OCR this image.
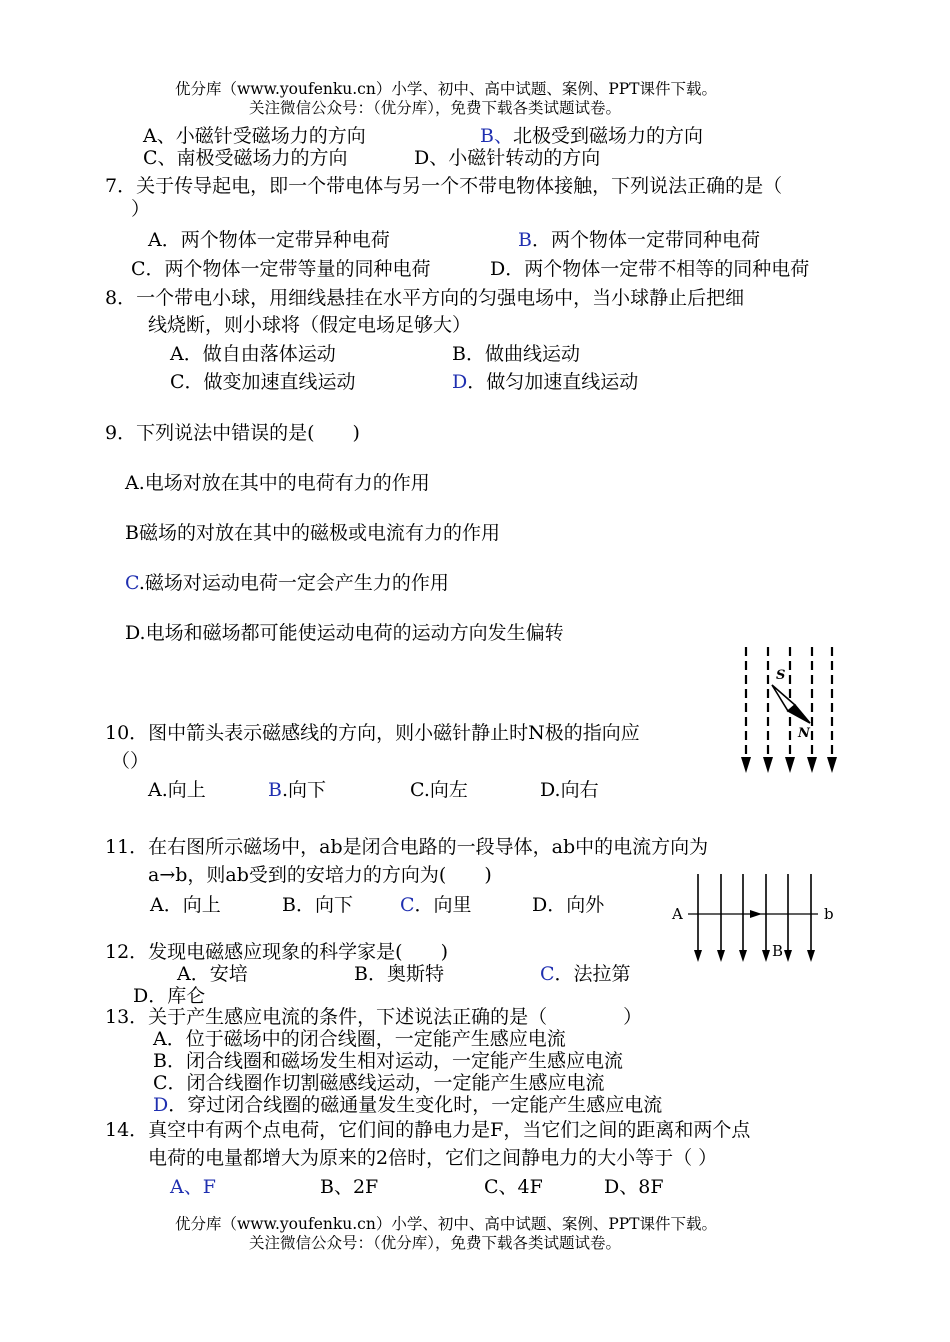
优分库（www.youfenku.cn）小学、初中、高中试题、案例、PPT课件下载。
关注微信公众号：（优分库），免费下载各类试题试卷。
A、小磁针受磁场力的方向	B、北极受到磁场力的方向
C、南极受磁场力的方向	D、小磁针转动的方向
7．关于传导起电，即一个带电体与另一个不带电物体接触，下列说法正确的是（
）
A．两个物体一定带异种电荷	B．两个物体一定带同种电荷
C．两个物体一定带等量的同种电荷	D．两个物体一定带不相等的同种电荷
8．一个带电小球，用细线悬挂在水平方向的匀强电场中，当小球静止后把细
线烧断，则小球将（假定电场足够大）
A．做自由落体运动	B．做曲线运动
C．做变加速直线运动	D．做匀加速直线运动
9．下列说法中错误的是(　　)
A.电场对放在其中的电荷有力的作用
B磁场的对放在其中的磁极或电流有力的作用
C.磁场对运动电荷一定会产生力的作用
D.电场和磁场都可能使运动电荷的运动方向发生偏转
S
N
10．图中箭头表示磁感线的方向，则小磁针静止时N极的指向应
（）
A.向上	B.向下	C.向左	D.向右
11．在右图所示磁场中，ab是闭合电路的一段导体，ab中的电流方向为
a→b，则ab受到的安培力的方向为(　　)
A．向上	B．向下 C．向里	D．向外	A	b
B
12．发现电磁感应现象的科学家是(　　)
A．安培	B．奥斯特	C．法拉第
D．库仑
13．关于产生感应电流的条件，下述说法正确的是（　　　　）
A．位于磁场中的闭合线圈，一定能产生感应电流
B．闭合线圈和磁场发生相对运动，一定能产生感应电流
C．闭合线圈作切割磁感线运动，一定能产生感应电流
D．穿过闭合线圈的磁通量发生变化时，一定能产生感应电流
14．真空中有两个点电荷，它们间的静电力是F，当它们之间的距离和两个点
电荷的电量都增大为原来的2倍时，它们之间静电力的大小等于（ ）
A、F	B、2F	C、4F	D、8F
优分库（www.youfenku.cn）小学、初中、高中试题、案例、PPT课件下载。
关注微信公众号：（优分库），免费下载各类试题试卷。
